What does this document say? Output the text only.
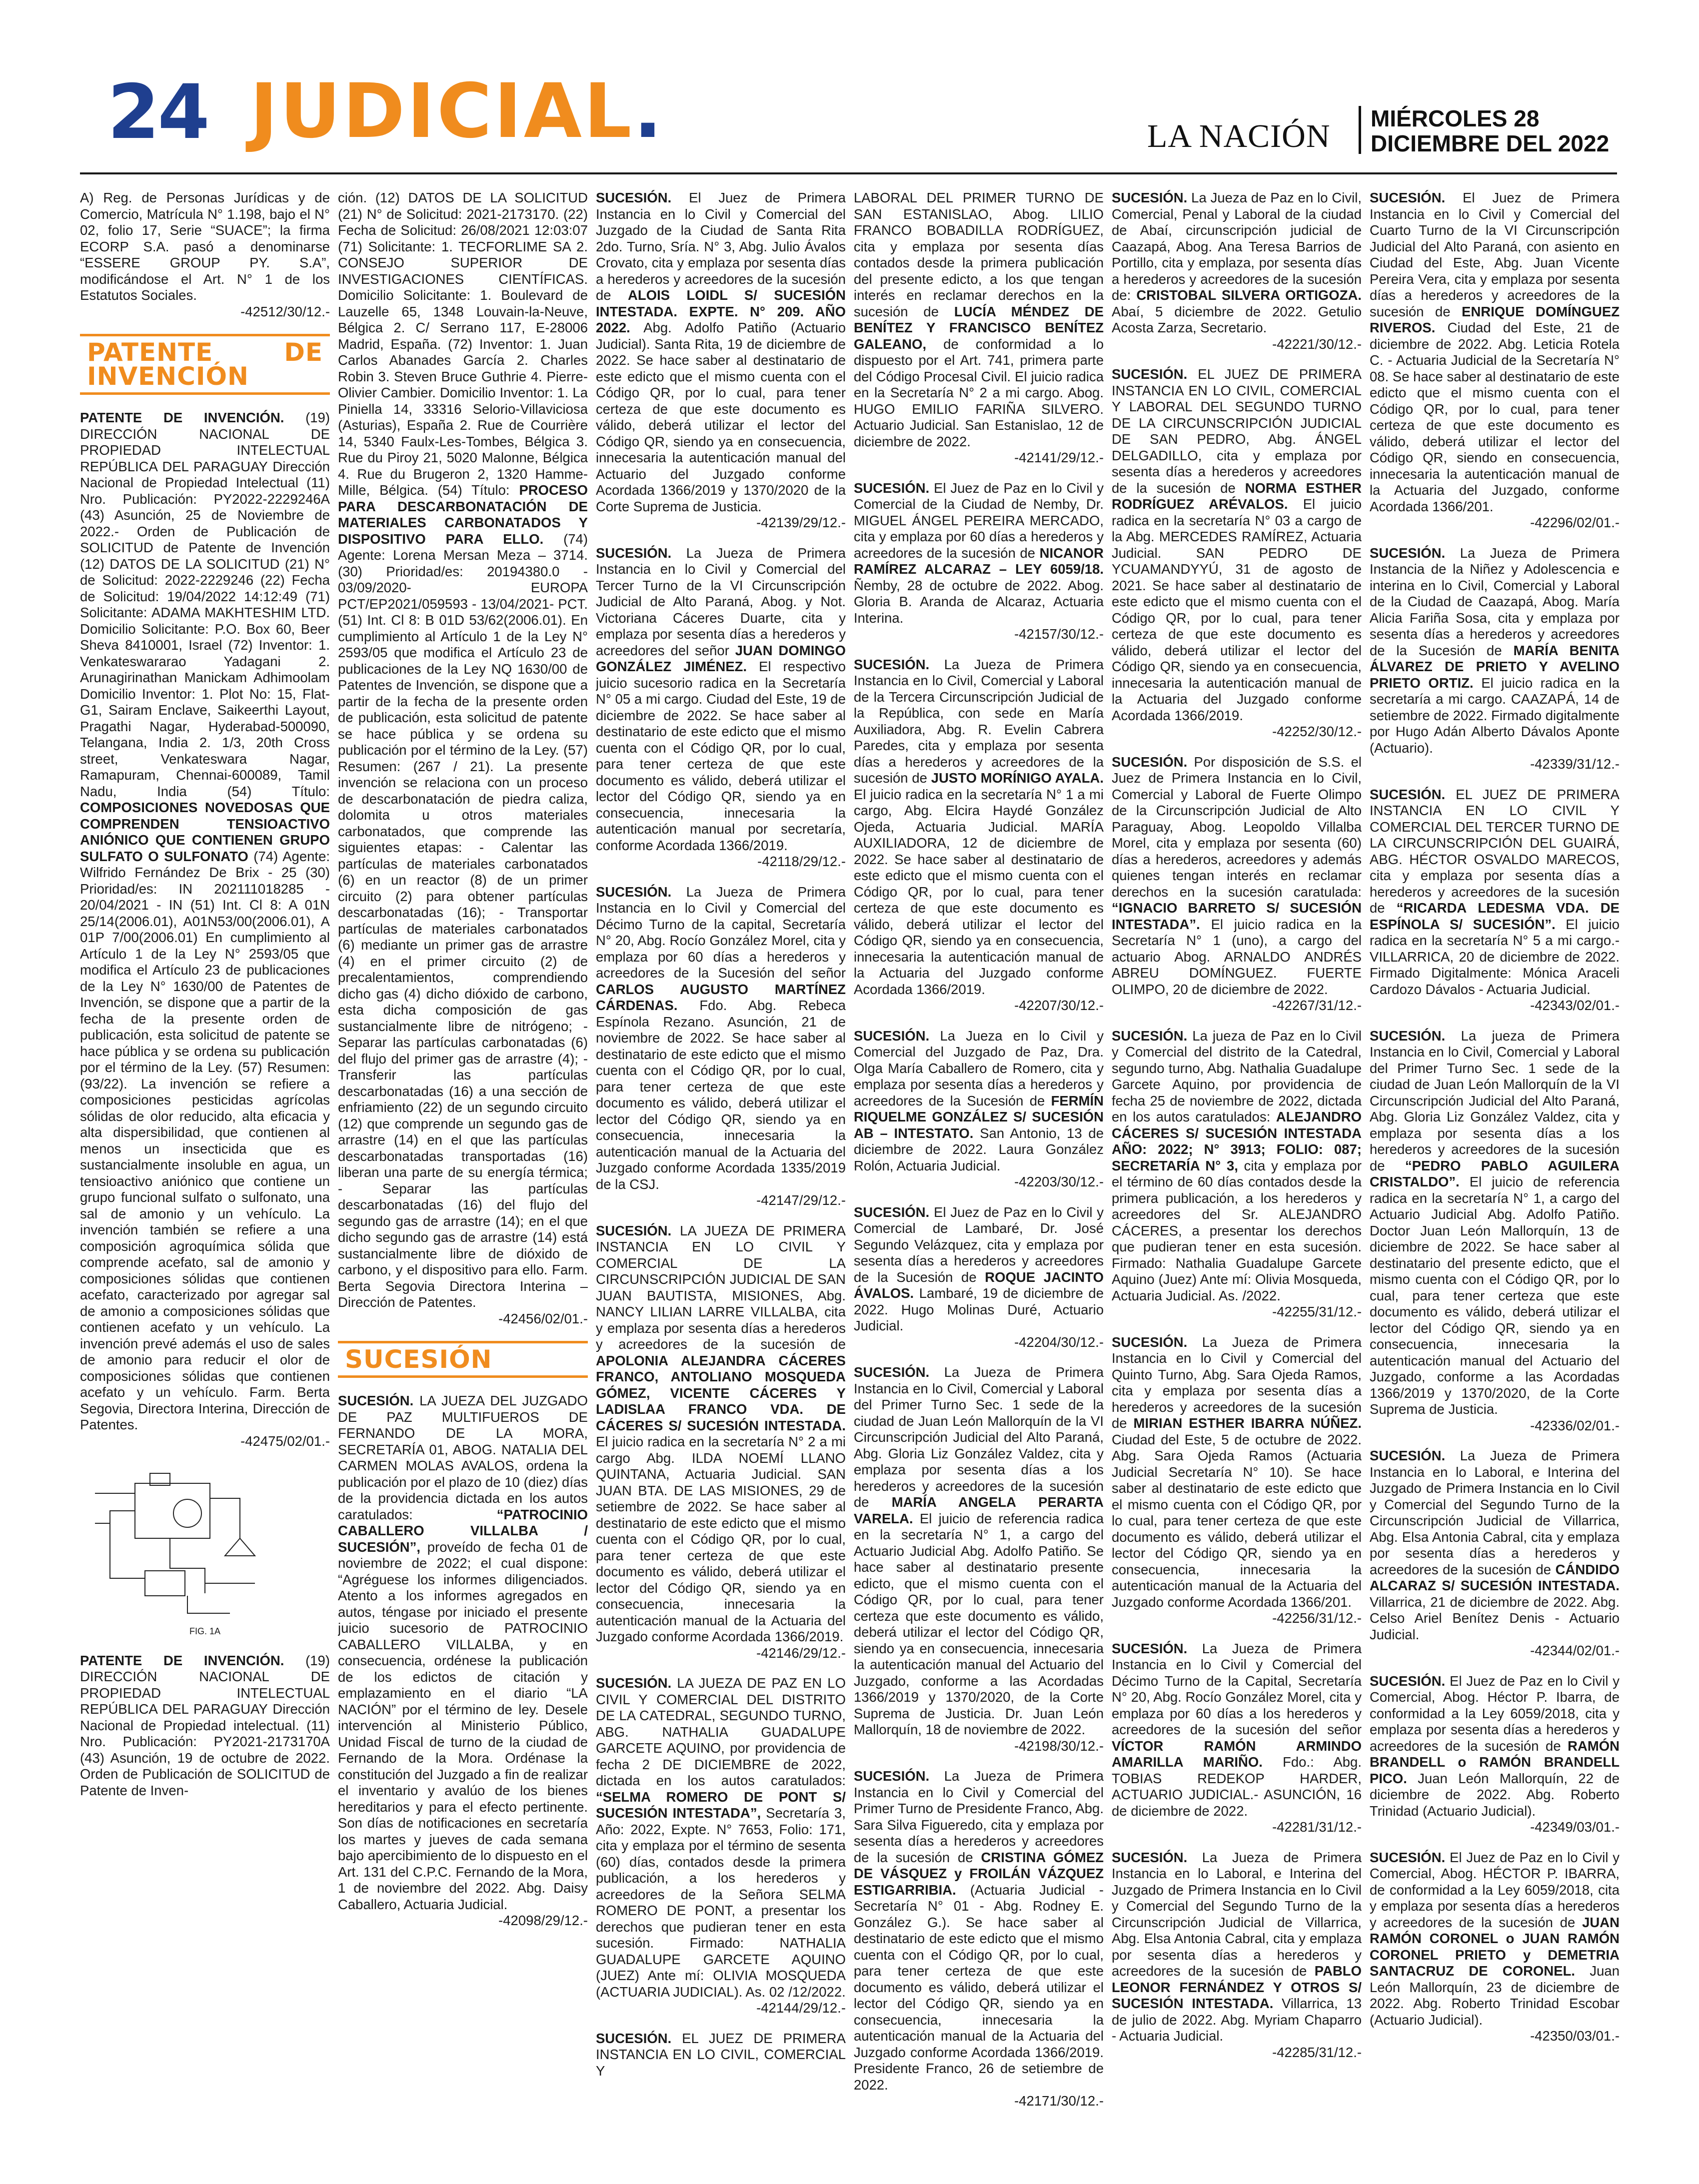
24 JUDICIAL.	LA NACIÓN MIÉRCOLES 28
DICIEMBRE DEL 2022

A) Reg. de Personas Jurídicas y de Comercio, Matrícula N° 1.198, bajo el N° 02, folio 17, Serie “SUACE”; la firma ECORP S.A. pasó a denominarse “ESSERE GROUP PY. S.A”, modificándose el Art. N° 1 de los Estatutos Sociales.
-42512/30/12.-

PATENTE DE INVENCIÓN

PATENTE DE INVENCIÓN. (19) DIRECCIÓN NACIONAL DE PROPIEDAD INTELECTUAL REPÚBLICA DEL PARAGUAY Dirección Nacional de Propiedad Intelectual (11) Nro. Publicación: PY2022-2229246A (43) Asunción, 25 de Noviembre de 2022.- Orden de Publicación de SOLICITUD de Patente de Invención (12) DATOS DE LA SOLICITUD (21) N° de Solicitud: 2022-2229246 (22) Fecha de Solicitud: 19/04/2022 14:12:49 (71) Solicitante: ADAMA MAKHTESHIM LTD. Domicilio Solicitante: P.O. Box 60, Beer Sheva 8410001, Israel (72) Inventor: 1. Venkateswararao Yadagani 2. Arunagirinathan Manickam Adhimoolam Domicilio Inventor: 1. Plot No: 15, Flat-G1, Sairam Enclave, Saikeerthi Layout, Pragathi Nagar, Hyderabad-500090, Telangana, India 2. 1/3, 20th Cross street, Venkateswara Nagar, Ramapuram, Chennai-600089, Tamil Nadu, India (54) Título: COMPOSICIONES NOVEDOSAS QUE COMPRENDEN TENSIOACTIVO ANIÓNICO QUE CONTIENEN GRUPO SULFATO O SULFONATO (74) Agente: Wilfrido Fernández De Brix - 25 (30) Prioridad/es: IN 202111018285 - 20/04/2021 - IN (51) Int. Cl 8: A 01N 25/14(2006.01), A01N53/00(2006.01), A 01P 7/00(2006.01) En cumplimiento al Artículo 1 de la Ley N° 2593/05 que modifica el Artículo 23 de publicaciones de la Ley N° 1630/00 de Patentes de Invención, se dispone que a partir de la fecha de la presente orden de publicación, esta solicitud de patente se hace pública y se ordena su publicación por el término de la Ley. (57) Resumen:(93/22). La invención se refiere a composiciones pesticidas agrícolas sólidas de olor reducido, alta eficacia y alta dispersibilidad, que contienen al menos un insecticida que es sustancialmente insoluble en agua, un tensioactivo aniónico que contiene un grupo funcional sulfato o sulfonato, una sal de amonio y un vehículo. La invención también se refiere a una composición agroquímica sólida que comprende acefato, sal de amonio y composiciones sólidas que contienen acefato, caracterizado por agregar sal de amonio a composiciones sólidas que contienen acefato y un vehículo. La invención prevé además el uso de sales de amonio para reducir el olor de composiciones sólidas que contienen acefato y un vehículo. Farm. Berta Segovia, Directora Interina, Dirección de Patentes.
-42475/02/01.-

FIG. 1A

PATENTE DE INVENCIÓN. (19) DIRECCIÓN NACIONAL DE PROPIEDAD INTELECTUAL REPÚBLICA DEL PARAGUAY Dirección Nacional de Propiedad intelectual. (11) Nro. Publicación: PY2021-2173170A (43) Asunción, 19 de octubre de 2022. Orden de Publicación de SOLICITUD de Patente de Inven-

ción. (12) DATOS DE LA SOLICITUD (21) N° de Solicitud: 2021-2173170. (22) Fecha de Solicitud: 26/08/2021 12:03:07 (71) Solicitante: 1. TECFORLIME SA 2. CONSEJO SUPERIOR DE INVESTIGACIONES CIENTÍFICAS. Domicilio Solicitante: 1. Boulevard de Lauzelle 65, 1348 Louvain-la-Neuve, Bélgica 2. C/ Serrano 117, E-28006 Madrid, España. (72) Inventor: 1. Juan Carlos Abanades García 2. Charles Robin 3. Steven Bruce Guthrie 4. Pierre- Olivier Cambier. Domicilio Inventor: 1. La Piniella 14, 33316 Selorio-Villaviciosa (Asturias), España 2. Rue de Courrière 14, 5340 Faulx-Les-Tombes, Bélgica 3. Rue du Piroy 21, 5020 Malonne, Bélgica 4. Rue du Brugeron 2, 1320 Hamme-Mille, Bélgica. (54) Título: PROCESO PARA DESCARBONATACIÓN DE MATERIALES CARBONATADOS Y DISPOSITIVO PARA ELLO. (74) Agente: Lorena Mersan Meza – 3714. (30) Prioridad/es: 20194380.0 - 03/09/2020- EUROPA PCT/EP2021/059593 - 13/04/2021- PCT. (51) Int. Cl 8: B 01D 53/62(2006.01). En cumplimiento al Artículo 1 de la Ley N° 2593/05 que modifica el Artículo 23 de publicaciones de la Ley NQ 1630/00 de Patentes de Invención, se dispone que a partir de la fecha de la presente orden de publicación, esta solicitud de patente se hace pública y se ordena su publicación por el término de la Ley. (57) Resumen: (267 / 21). La presente invención se relaciona con un proceso de descarbonatación de piedra caliza, dolomita u otros materiales carbonatados, que comprende las siguientes etapas: - Calentar las partículas de materiales carbonatados (6) en un reactor (8) de un primer circuito (2) para obtener partículas descarbonatadas (16); - Transportar partículas de materiales carbonatados (6) mediante un primer gas de arrastre (4) en el primer circuito (2) de precalentamientos, comprendiendo dicho gas (4) dicho dióxido de carbono, esta dicha composición de gas sustancialmente libre de nitrógeno; - Separar las partículas carbonatadas (6) del flujo del primer gas de arrastre (4); - Transferir las partículas descarbonatadas (16) a una sección de enfriamiento (22) de un segundo circuito (12) que comprende un segundo gas de arrastre (14) en el que las partículas descarbonatadas transportadas (16) liberan una parte de su energía térmica; - Separar las partículas descarbonatadas (16) del flujo del segundo gas de arrastre (14); en el que dicho segundo gas de arrastre (14) está sustancialmente libre de dióxido de carbono, y el dispositivo para ello. Farm. Berta Segovia Directora Interina – Dirección de Patentes.
-42456/02/01.-

SUCESIÓN

SUCESIÓN. LA JUEZA DEL JUZGADO DE PAZ MULTIFUEROS DE FERNANDO DE LA MORA, SECRETARÍA 01, ABOG. NATALIA DEL CARMEN MOLAS AVALOS, ordena la publicación por el plazo de 10 (diez) días de la providencia dictada en los autos caratulados: “PATROCINIO CABALLERO VILLALBA / SUCESIÓN”, proveído de fecha 01 de noviembre de 2022; el cual dispone: “Agréguese los informes diligenciados. Atento a los informes agregados en autos, téngase por iniciado el presente juicio sucesorio de PATROCINIO CABALLERO VILLALBA, y en consecuencia, ordénese la publicación de los edictos de citación y emplazamiento en el diario “LA NACIÓN” por el término de ley. Desele intervención al Ministerio Público, Unidad Fiscal de turno de la ciudad de Fernando de la Mora. Ordénase la constitución del Juzgado a fin de realizar el inventario y avalúo de los bienes hereditarios y para el efecto pertinente. Son días de notificaciones en secretaría los martes y jueves de cada semana bajo apercibimiento de lo dispuesto en el Art. 131 del C.P.C. Fernando de la Mora, 1 de noviembre del 2022. Abg. Daisy Caballero, Actuaria Judicial.
-42098/29/12.-

SUCESIÓN. El Juez de Primera Instancia en lo Civil y Comercial del Juzgado de la Ciudad de Santa Rita 2do. Turno, Sría. N° 3, Abg. Julio Ávalos Crovato, cita y emplaza por sesenta días a herederos y acreedores de la sucesión de ALOIS LOIDL S/ SUCESIÓN INTESTADA. EXPTE. N° 209. AÑO 2022. Abg. Adolfo Patiño (Actuario Judicial). Santa Rita, 19 de diciembre de 2022. Se hace saber al destinatario de este edicto que el mismo cuenta con el Código QR, por lo cual, para tener certeza de que este documento es válido, deberá utilizar el lector del Código QR, siendo ya en consecuencia, innecesaria la autenticación manual del Actuario del Juzgado conforme Acordada 1366/2019 y 1370/2020 de la Corte Suprema de Justicia.
-42139/29/12.-

SUCESIÓN. La Jueza de Primera Instancia en lo Civil y Comercial del Tercer Turno de la VI Circunscripción Judicial de Alto Paraná, Abog. y Not. Victoriana Cáceres Duarte, cita y emplaza por sesenta días a herederos y acreedores del señor JUAN DOMINGO GONZÁLEZ JIMÉNEZ. El respectivo juicio sucesorio radica en la Secretaría N° 05 a mi cargo. Ciudad del Este, 19 de diciembre de 2022. Se hace saber al destinatario de este edicto que el mismo cuenta con el Código QR, por lo cual, para tener certeza de que este documento es válido, deberá utilizar el lector del Código QR, siendo ya en consecuencia, innecesaria la autenticación manual por secretaría, conforme Acordada 1366/2019.
-42118/29/12.-

SUCESIÓN. La Jueza de Primera Instancia en lo Civil y Comercial del Décimo Turno de la capital, Secretaría N° 20, Abg. Rocío González Morel, cita y emplaza por 60 días a herederos y acreedores de la Sucesión del señor CARLOS AUGUSTO MARTÍNEZ CÁRDENAS. Fdo. Abg. Rebeca Espínola Rezano. Asunción, 21 de noviembre de 2022. Se hace saber al destinatario de este edicto que el mismo cuenta con el Código QR, por lo cual, para tener certeza de que este documento es válido, deberá utilizar el lector del Código QR, siendo ya en consecuencia, innecesaria la autenticación manual de la Actuaria del Juzgado conforme Acordada 1335/2019 de la CSJ.
-42147/29/12.-

SUCESIÓN. LA JUEZA DE PRIMERA INSTANCIA EN LO CIVIL Y COMERCIAL DE LA CIRCUNSCRIPCIÓN JUDICIAL DE SAN JUAN BAUTISTA, MISIONES, Abg. NANCY LILIAN LARRE VILLALBA, cita y emplaza por sesenta días a herederos y acreedores de la sucesión de APOLONIA ALEJANDRA CÁCERES FRANCO, ANTOLIANO MOSQUEDA GÓMEZ, VICENTE CÁCERES Y LADISLAA FRANCO VDA. DE CÁCERES S/ SUCESIÓN INTESTADA. El juicio radica en la secretaría N° 2 a mi cargo Abg. ILDA NOEMÍ LLANO QUINTANA, Actuaria Judicial. SAN JUAN BTA. DE LAS MISIONES, 29 de setiembre de 2022. Se hace saber al destinatario de este edicto que el mismo cuenta con el Código QR, por lo cual, para tener certeza de que este documento es válido, deberá utilizar el lector del Código QR, siendo ya en consecuencia, innecesaria la autenticación manual de la Actuaria del Juzgado conforme Acordada 1366/2019.
-42146/29/12.-

SUCESIÓN. LA JUEZA DE PAZ EN LO CIVIL Y COMERCIAL DEL DISTRITO DE LA CATEDRAL, SEGUNDO TURNO, ABG. NATHALIA GUADALUPE GARCETE AQUINO, por providencia de fecha 2 DE DICIEMBRE de 2022, dictada en los autos caratulados: “SELMA ROMERO DE PONT S/ SUCESIÓN INTESTADA”, Secretaría 3, Año: 2022, Expte. N° 7653, Folio: 171, cita y emplaza por el término de sesenta (60) días, contados desde la primera publicación, a los herederos y acreedores de la Señora SELMA ROMERO DE PONT, a presentar los derechos que pudieran tener en esta sucesión. Firmado: NATHALIA GUADALUPE GARCETE AQUINO (JUEZ) Ante mí: OLIVIA MOSQUEDA (ACTUARIA JUDICIAL). As. 02 /12/2022.
-42144/29/12.-

SUCESIÓN. EL JUEZ DE PRIMERA INSTANCIA EN LO CIVIL, COMERCIAL Y

LABORAL DEL PRIMER TURNO DE SAN ESTANISLAO, Abog. LILIO FRANCO BOBADILLA RODRÍGUEZ, cita y emplaza por sesenta días contados desde la primera publicación del presente edicto, a los que tengan interés en reclamar derechos en la sucesión de LUCÍA MÉNDEZ DE BENÍTEZ Y FRANCISCO BENÍTEZ GALEANO, de conformidad a lo dispuesto por el Art. 741, primera parte del Código Procesal Civil. El juicio radica en la Secretaría N° 2 a mi cargo. Abog. HUGO EMILIO FARIÑA SILVERO. Actuario Judicial. San Estanislao, 12 de diciembre de 2022.
-42141/29/12.-

SUCESIÓN. El Juez de Paz en lo Civil y Comercial de la Ciudad de Nemby, Dr. MIGUEL ÁNGEL PEREIRA MERCADO, cita y emplaza por 60 días a herederos y acreedores de la sucesión de NICANOR RAMÍREZ ALCARAZ – LEY 6059/18. Ñemby, 28 de octubre de 2022. Abog. Gloria B. Aranda de Alcaraz, Actuaria Interina.
-42157/30/12.-

SUCESIÓN. La Jueza de Primera Instancia en lo Civil, Comercial y Laboral de la Tercera Circunscripción Judicial de la República, con sede en María Auxiliadora, Abg. R. Evelin Cabrera Paredes, cita y emplaza por sesenta días a herederos y acreedores de la sucesión de JUSTO MORÍNIGO AYALA. El juicio radica en la secretaría N° 1 a mi cargo, Abg. Elcira Haydé González Ojeda, Actuaria Judicial. MARÍA AUXILIADORA, 12 de diciembre de 2022. Se hace saber al destinatario de este edicto que el mismo cuenta con el Código QR, por lo cual, para tener certeza de que este documento es válido, deberá utilizar el lector del Código QR, siendo ya en consecuencia, innecesaria la autenticación manual de la Actuaria del Juzgado conforme Acordada 1366/2019.
-42207/30/12.-

SUCESIÓN. La Jueza en lo Civil y Comercial del Juzgado de Paz, Dra. Olga María Caballero de Romero, cita y emplaza por sesenta días a herederos y acreedores de la Sucesión de FERMÍN RIQUELME GONZÁLEZ S/ SUCESIÓN AB – INTESTATO. San Antonio, 13 de diciembre de 2022. Laura González Rolón, Actuaria Judicial.
-42203/30/12.-

SUCESIÓN. El Juez de Paz en lo Civil y Comercial de Lambaré, Dr. José Segundo Velázquez, cita y emplaza por sesenta días a herederos y acreedores de la Sucesión de ROQUE JACINTO ÁVALOS. Lambaré, 19 de diciembre de 2022. Hugo Molinas Duré, Actuario Judicial.
-42204/30/12.-

SUCESIÓN. La Jueza de Primera Instancia en lo Civil, Comercial y Laboral del Primer Turno Sec. 1 sede de la ciudad de Juan León Mallorquín de la VI Circunscripción Judicial del Alto Paraná, Abg. Gloria Liz González Valdez, cita y emplaza por sesenta días a los herederos y acreedores de la sucesión de MARÍA ANGELA PERARTA VARELA. El juicio de referencia radica en la secretaría N° 1, a cargo del Actuario Judicial Abg. Adolfo Patiño. Se hace saber al destinatario presente edicto, que el mismo cuenta con el Código QR, por lo cual, para tener certeza que este documento es válido, deberá utilizar el lector del Código QR, siendo ya en consecuencia, innecesaria la autenticación manual del Actuario del Juzgado, conforme a las Acordadas 1366/2019 y 1370/2020, de la Corte Suprema de Justicia. Dr. Juan León Mallorquín, 18 de noviembre de 2022.
-42198/30/12.-

SUCESIÓN. La Jueza de Primera Instancia en lo Civil y Comercial del Primer Turno de Presidente Franco, Abg. Sara Silva Figueredo, cita y emplaza por sesenta días a herederos y acreedores de la sucesión de CRISTINA GÓMEZ DE VÁSQUEZ y FROILÁN VÁZQUEZ ESTIGARRIBIA. (Actuaria Judicial - Secretaría N° 01 - Abg. Rodney E. González G.). Se hace saber al destinatario de este edicto que el mismo cuenta con el Código QR, por lo cual, para tener certeza de que este documento es válido, deberá utilizar el lector del Código QR, siendo ya en consecuencia, innecesaria la autenticación manual de la Actuaria del Juzgado conforme Acordada 1366/2019. Presidente Franco, 26 de setiembre de 2022.
-42171/30/12.-

SUCESIÓN. La Jueza de Paz en lo Civil, Comercial, Penal y Laboral de la ciudad de Abaí, circunscripción judicial de Caazapá, Abog. Ana Teresa Barrios de Portillo, cita y emplaza, por sesenta días a herederos y acreedores de la sucesión de: CRISTOBAL SILVERA ORTIGOZA. Abaí, 5 diciembre de 2022. Getulio Acosta Zarza, Secretario.
-42221/30/12.-

SUCESIÓN. EL JUEZ DE PRIMERA INSTANCIA EN LO CIVIL, COMERCIAL Y LABORAL DEL SEGUNDO TURNO DE LA CIRCUNSCRIPCIÓN JUDICIAL DE SAN PEDRO, Abg. ÁNGEL DELGADILLO, cita y emplaza por sesenta días a herederos y acreedores de la sucesión de NORMA ESTHER RODRÍGUEZ ARÉVALOS. El juicio radica en la secretaría N° 03 a cargo de la Abg. MERCEDES RAMÍREZ, Actuaria Judicial. SAN PEDRO DE YCUAMANDYYÚ, 31 de agosto de 2021. Se hace saber al destinatario de este edicto que el mismo cuenta con el Código QR, por lo cual, para tener certeza de que este documento es válido, deberá utilizar el lector del Código QR, siendo ya en consecuencia, innecesaria la autenticación manual de la Actuaria del Juzgado conforme Acordada 1366/2019.
-42252/30/12.-

SUCESIÓN. Por disposición de S.S. el Juez de Primera Instancia en lo Civil, Comercial y Laboral de Fuerte Olimpo de la Circunscripción Judicial de Alto Paraguay, Abog. Leopoldo Villalba Morel, cita y emplaza por sesenta (60) días a herederos, acreedores y además quienes tengan interés en reclamar derechos en la sucesión caratulada: “IGNACIO BARRETO S/ SUCESIÓN INTESTADA”. El juicio radica en la Secretaría N° 1 (uno), a cargo del actuario Abog. ARNALDO ANDRÉS ABREU DOMÍNGUEZ. FUERTE OLIMPO, 20 de diciembre de 2022.
-42267/31/12.-

SUCESIÓN. La jueza de Paz en lo Civil y Comercial del distrito de la Catedral, segundo turno, Abg. Nathalia Guadalupe Garcete Aquino, por providencia de fecha 25 de noviembre de 2022, dictada en los autos caratulados: ALEJANDRO CÁCERES S/ SUCESIÓN INTESTADA AÑO: 2022; N° 3913; FOLIO: 087; SECRETARÍA N° 3, cita y emplaza por el término de 60 días contados desde la primera publicación, a los herederos y acreedores del Sr. ALEJANDRO CÁCERES, a presentar los derechos que pudieran tener en esta sucesión. Firmado: Nathalia Guadalupe Garcete Aquino (Juez) Ante mí: Olivia Mosqueda, Actuaria Judicial. As. /2022.
-42255/31/12.-

SUCESIÓN. La Jueza de Primera Instancia en lo Civil y Comercial del Quinto Turno, Abg. Sara Ojeda Ramos, cita y emplaza por sesenta días a herederos y acreedores de la sucesión de MIRIAN ESTHER IBARRA NÚÑEZ. Ciudad del Este, 5 de octubre de 2022. Abg. Sara Ojeda Ramos (Actuaria Judicial Secretaría N° 10). Se hace saber al destinatario de este edicto que el mismo cuenta con el Código QR, por lo cual, para tener certeza de que este documento es válido, deberá utilizar el lector del Código QR, siendo ya en consecuencia, innecesaria la autenticación manual de la Actuaria del Juzgado conforme Acordada 1366/201.
-42256/31/12.-

SUCESIÓN. La Jueza de Primera Instancia en lo Civil y Comercial del Décimo Turno de la Capital, Secretaría N° 20, Abg. Rocío González Morel, cita y emplaza por 60 días a los herederos y acreedores de la sucesión del señor VÍCTOR RAMÓN ARMINDO AMARILLA MARIÑO. Fdo.: Abg. TOBIAS REDEKOP HARDER, ACTUARIO JUDICIAL.- ASUNCIÓN, 16 de diciembre de 2022.
-42281/31/12.-

SUCESIÓN. La Jueza de Primera Instancia en lo Laboral, e Interina del Juzgado de Primera Instancia en lo Civil y Comercial del Segundo Turno de la Circunscripción Judicial de Villarrica, Abg. Elsa Antonia Cabral, cita y emplaza por sesenta días a herederos y acreedores de la sucesión de PABLO LEONOR FERNÁNDEZ Y OTROS S/ SUCESIÓN INTESTADA. Villarrica, 13 de julio de 2022. Abg. Myriam Chaparro - Actuaria Judicial.
-42285/31/12.-

SUCESIÓN. El Juez de Primera Instancia en lo Civil y Comercial del Cuarto Turno de la VI Circunscripción Judicial del Alto Paraná, con asiento en Ciudad del Este, Abg. Juan Vicente Pereira Vera, cita y emplaza por sesenta días a herederos y acreedores de la sucesión de ENRIQUE DOMÍNGUEZ RIVEROS. Ciudad del Este, 21 de diciembre de 2022. Abg. Leticia Rotela C. - Actuaria Judicial de la Secretaría N° 08. Se hace saber al destinatario de este edicto que el mismo cuenta con el Código QR, por lo cual, para tener certeza de que este documento es válido, deberá utilizar el lector del Código QR, siendo en consecuencia, innecesaria la autenticación manual de la Actuaria del Juzgado, conforme Acordada 1366/201.
-42296/02/01.-

SUCESIÓN. La Jueza de Primera Instancia de la Niñez y Adolescencia e interina en lo Civil, Comercial y Laboral de la Ciudad de Caazapá, Abog. María Alicia Fariña Sosa, cita y emplaza por sesenta días a herederos y acreedores de la Sucesión de MARÍA BENITA ÁLVAREZ DE PRIETO Y AVELINO PRIETO ORTIZ. El juicio radica en la secretaría a mi cargo. CAAZAPÁ, 14 de setiembre de 2022. Firmado digitalmente por Hugo Adán Alberto Dávalos Aponte (Actuario).
-42339/31/12.-

SUCESIÓN. EL JUEZ DE PRIMERA INSTANCIA EN LO CIVIL Y COMERCIAL DEL TERCER TURNO DE LA CIRCUNSCRIPCIÓN DEL GUAIRÁ, ABG. HÉCTOR OSVALDO MARECOS, cita y emplaza por sesenta días a herederos y acreedores de la sucesión de “RICARDA LEDESMA VDA. DE ESPÍNOLA S/ SUCESIÓN”. El juicio radica en la secretaría N° 5 a mi cargo.- VILLARRICA, 20 de diciembre de 2022. Firmado Digitalmente: Mónica Araceli Cardozo Dávalos - Actuaria Judicial.
-42343/02/01.-

SUCESIÓN. La jueza de Primera Instancia en lo Civil, Comercial y Laboral del Primer Turno Sec. 1 sede de la ciudad de Juan León Mallorquín de la VI Circunscripción Judicial del Alto Paraná, Abg. Gloria Liz González Valdez, cita y emplaza por sesenta días a los herederos y acreedores de la sucesión de “PEDRO PABLO AGUILERA CRISTALDO”. El juicio de referencia radica en la secretaría N° 1, a cargo del Actuario Judicial Abg. Adolfo Patiño. Doctor Juan León Mallorquín, 13 de diciembre de 2022. Se hace saber al destinatario del presente edicto, que el mismo cuenta con el Código QR, por lo cual, para tener certeza que este documento es válido, deberá utilizar el lector del Código QR, siendo ya en consecuencia, innecesaria la autenticación manual del Actuario del Juzgado, conforme a las Acordadas 1366/2019 y 1370/2020, de la Corte Suprema de Justicia.
-42336/02/01.-

SUCESIÓN. La Jueza de Primera Instancia en lo Laboral, e Interina del Juzgado de Primera Instancia en lo Civil y Comercial del Segundo Turno de la Circunscripción Judicial de Villarrica, Abg. Elsa Antonia Cabral, cita y emplaza por sesenta días a herederos y acreedores de la sucesión de CÁNDIDO ALCARAZ S/ SUCESIÓN INTESTADA. Villarrica, 21 de diciembre de 2022. Abg. Celso Ariel Benítez Denis - Actuario Judicial.
-42344/02/01.-

SUCESIÓN. El Juez de Paz en lo Civil y Comercial, Abog. Héctor P. Ibarra, de conformidad a la Ley 6059/2018, cita y emplaza por sesenta días a herederos y acreedores de la sucesión de RAMÓN BRANDELL o RAMÓN BRANDELL PICO. Juan León Mallorquín, 22 de diciembre de 2022. Abg. Roberto Trinidad (Actuario Judicial).
-42349/03/01.-

SUCESIÓN. El Juez de Paz en lo Civil y Comercial, Abog. HÉCTOR P. IBARRA, de conformidad a la Ley 6059/2018, cita y emplaza por sesenta días a herederos y acreedores de la sucesión de JUAN RAMÓN CORONEL o JUAN RAMÓN CORONEL PRIETO y DEMETRIA SANTACRUZ DE CORONEL. Juan León Mallorquín, 23 de diciembre de 2022. Abg. Roberto Trinidad Escobar (Actuario Judicial).
-42350/03/01.-
